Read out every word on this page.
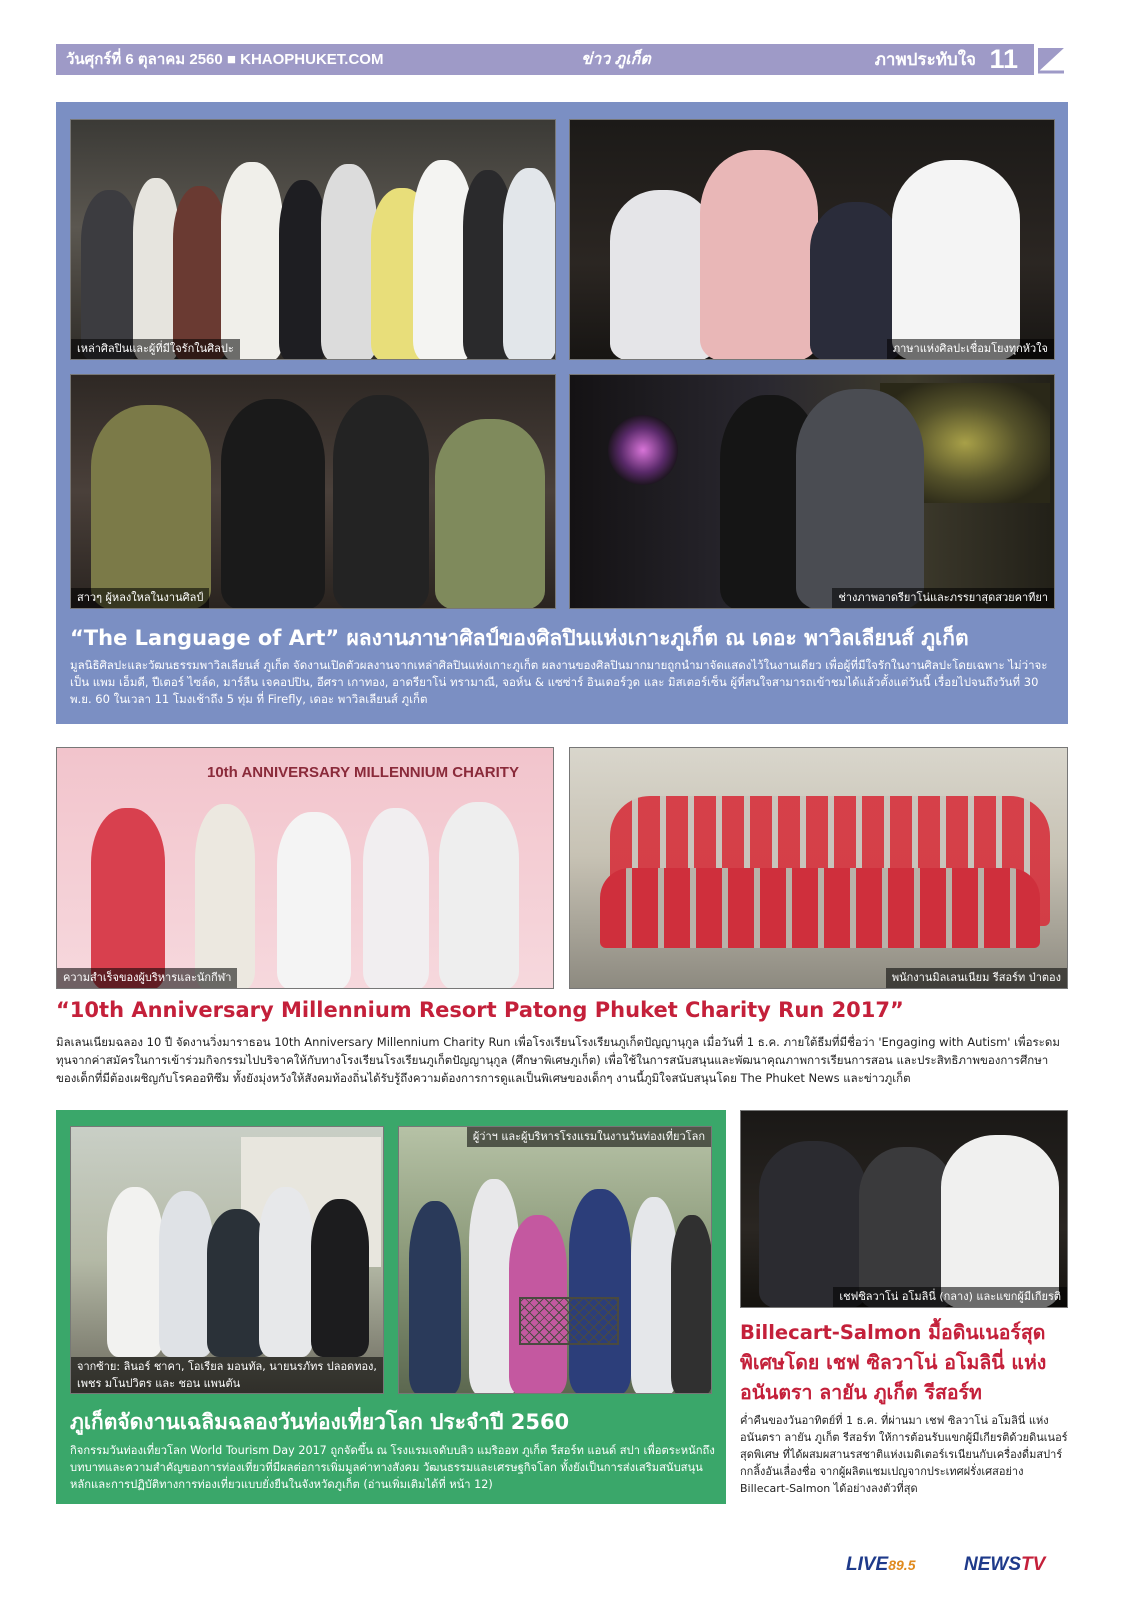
วันศุกร์ที่ 6 ตุลาคม 2560 ■ KHAOPHUKET.COM	ข่าว ภูเก็ต	ภาพประทับใจ 11
เหล่าศิลปินและผู้ที่มีใจรักในศิลปะ	ภาษาแห่งศิลปะเชื่อมโยงทุกหัวใจ
สาวๆ ผู้หลงใหลในงานศิลป์	ช่างภาพอาดรียาโน่และภรรยาสุดสวยคาทียา
“The Language of Art” ผลงานภาษาศิลป์ของศิลปินแห่งเกาะภูเก็ต ณ เดอะ พาวิลเลียนส์ ภูเก็ต
มูลนิธิศิลปะและวัฒนธรรมพาวิลเลียนส์ ภูเก็ต จัดงานเปิดตัวผลงานจากเหล่าศิลปินแห่งเกาะภูเก็ต ผลงานของศิลปินมากมายถูกนำมาจัดแสดงไว้ในงานเดียว เพื่อผู้ที่มีใจรักในงานศิลปะโดยเฉพาะ ไม่ว่าจะเป็น แพม เอ็มดี, ปีเตอร์ ไซล์ด, มาร์ลีน เจคอปปิน, อีศรา เกาทอง, อาดรียาโน่ ทรามาณี, จอห์น & แซซ่าร์ อินเดอร์วูด และ มิสเตอร์เซ็น ผู้ที่สนใจสามารถเข้าชมได้แล้วตั้งแต่วันนี้ เรื่อยไปจนถึงวันที่ 30 พ.ย. 60 ในเวลา 11 โมงเช้าถึง 5 ทุ่ม ที่ Firefly, เดอะ พาวิลเลียนส์ ภูเก็ต
10th ANNIVERSARY MILLENNIUM CHARITY
ความสำเร็จของผู้บริหารและนักกีฬา	พนักงานมิลเลนเนียม รีสอร์ท ป่าตอง
“10th Anniversary Millennium Resort Patong Phuket Charity Run 2017”
มิลเลนเนียมฉลอง 10 ปี จัดงานวิ่งมาราธอน 10th Anniversary Millennium Charity Run เพื่อโรงเรียนโรงเรียนภูเก็ตปัญญานุกูล เมื่อวันที่ 1 ธ.ค. ภายใต้ธีมที่มีชื่อว่า 'Engaging with Autism' เพื่อระดมทุนจากค่าสมัครในการเข้าร่วมกิจกรรมไปบริจาคให้กับทางโรงเรียนโรงเรียนภูเก็ตปัญญานุกูล (ศึกษาพิเศษภูเก็ต) เพื่อใช้ในการสนับสนุนและพัฒนาคุณภาพการเรียนการสอน และประสิทธิภาพของการศึกษาของเด็กที่มีต้องเผชิญกับโรคออทิซึม ทั้งยังมุ่งหวังให้สังคมท้องถิ่นได้รับรู้ถึงความต้องการการดูแลเป็นพิเศษของเด็กๆ งานนี้ภูมิใจสนับสนุนโดย The Phuket News และข่าวภูเก็ต
จากซ้าย: ลินอร์ ชาคา, โอเรียล มอนทัล, นายนรภัทร ปลอดทอง, เพชร มโนปวิตร และ ชอน แพนตัน
ผู้ว่าฯ และผู้บริหารโรงแรมในงานวันท่องเที่ยวโลก
ภูเก็ตจัดงานเฉลิมฉลองวันท่องเที่ยวโลก ประจำปี 2560
กิจกรรมวันท่องเที่ยวโลก World Tourism Day 2017 ถูกจัดขึ้น ณ โรงแรมเจดับบลิว แมริออท ภูเก็ต รีสอร์ท แอนด์ สปา เพื่อตระหนักถึงบทบาทและความสำคัญของการท่องเที่ยวที่มีผลต่อการเพิ่มมูลค่าทางสังคม วัฒนธรรมและเศรษฐกิจโลก ทั้งยังเป็นการส่งเสริมสนับสนุนหลักและการปฏิบัติทางการท่องเที่ยวแบบยั่งยืนในจังหวัดภูเก็ต (อ่านเพิ่มเติมได้ที่ หน้า 12)
เชฟซิลวาโน่ อโมลินี่ (กลาง) และแขกผู้มีเกียรติ
Billecart-Salmon มื้อดินเนอร์สุดพิเศษโดย เชฟ ซิลวาโน่ อโมลินี่ แห่งอนันตรา ลายัน ภูเก็ต รีสอร์ท
ค่ำคืนของวันอาทิตย์ที่ 1 ธ.ค. ที่ผ่านมา เชฟ ซิลวาโน่ อโมลินี่ แห่ง อนันตรา ลายัน ภูเก็ต รีสอร์ท ให้การต้อนรับแขกผู้มีเกียรติด้วยดินเนอร์สุดพิเศษ ที่ได้ผสมผสานรสชาติแห่งเมดิเตอร์เรเนียนกับเครื่องดื่มสปาร์กกลิ้งอันเลื่องชื่อ จากผู้ผลิตแชมเปญจากประเทศฝรั่งเศสอย่าง Billecart-Salmon ได้อย่างลงตัวที่สุด
LIVE89.5	NEWSTV
